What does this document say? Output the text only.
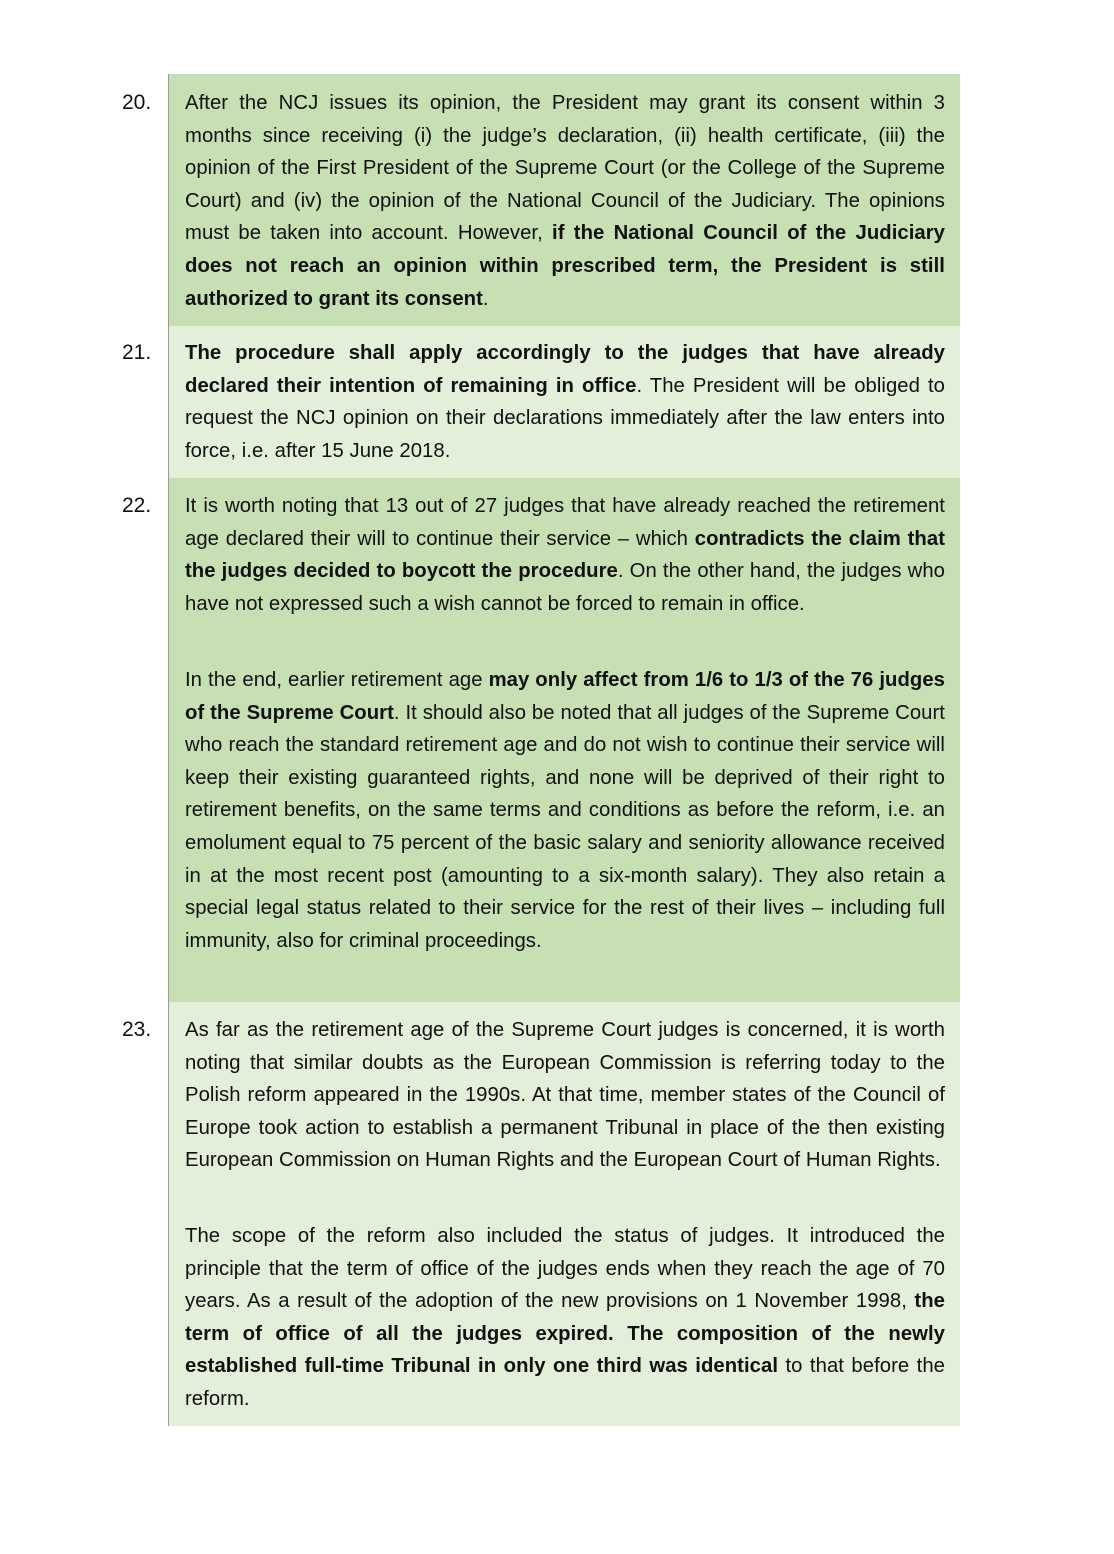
20. After the NCJ issues its opinion, the President may grant its consent within 3 months since receiving (i) the judge’s declaration, (ii) health certificate, (iii) the opinion of the First President of the Supreme Court (or the College of the Supreme Court) and (iv) the opinion of the National Council of the Judiciary. The opinions must be taken into account. However, if the National Council of the Judiciary does not reach an opinion within prescribed term, the President is still authorized to grant its consent.

21. The procedure shall apply accordingly to the judges that have already declared their intention of remaining in office. The President will be obliged to request the NCJ opinion on their declarations immediately after the law enters into force, i.e. after 15 June 2018.

22. It is worth noting that 13 out of 27 judges that have already reached the retirement age declared their will to continue their service – which contradicts the claim that the judges decided to boycott the procedure. On the other hand, the judges who have not expressed such a wish cannot be forced to remain in office.

In the end, earlier retirement age may only affect from 1/6 to 1/3 of the 76 judges of the Supreme Court. It should also be noted that all judges of the Supreme Court who reach the standard retirement age and do not wish to continue their service will keep their existing guaranteed rights, and none will be deprived of their right to retirement benefits, on the same terms and conditions as before the reform, i.e. an emolument equal to 75 percent of the basic salary and seniority allowance received in at the most recent post (amounting to a six-month salary). They also retain a special legal status related to their service for the rest of their lives – including full immunity, also for criminal proceedings.

23. As far as the retirement age of the Supreme Court judges is concerned, it is worth noting that similar doubts as the European Commission is referring today to the Polish reform appeared in the 1990s. At that time, member states of the Council of Europe took action to establish a permanent Tribunal in place of the then existing European Commission on Human Rights and the European Court of Human Rights.

The scope of the reform also included the status of judges. It introduced the principle that the term of office of the judges ends when they reach the age of 70 years. As a result of the adoption of the new provisions on 1 November 1998, the term of office of all the judges expired. The composition of the newly established full-time Tribunal in only one third was identical to that before the reform.
